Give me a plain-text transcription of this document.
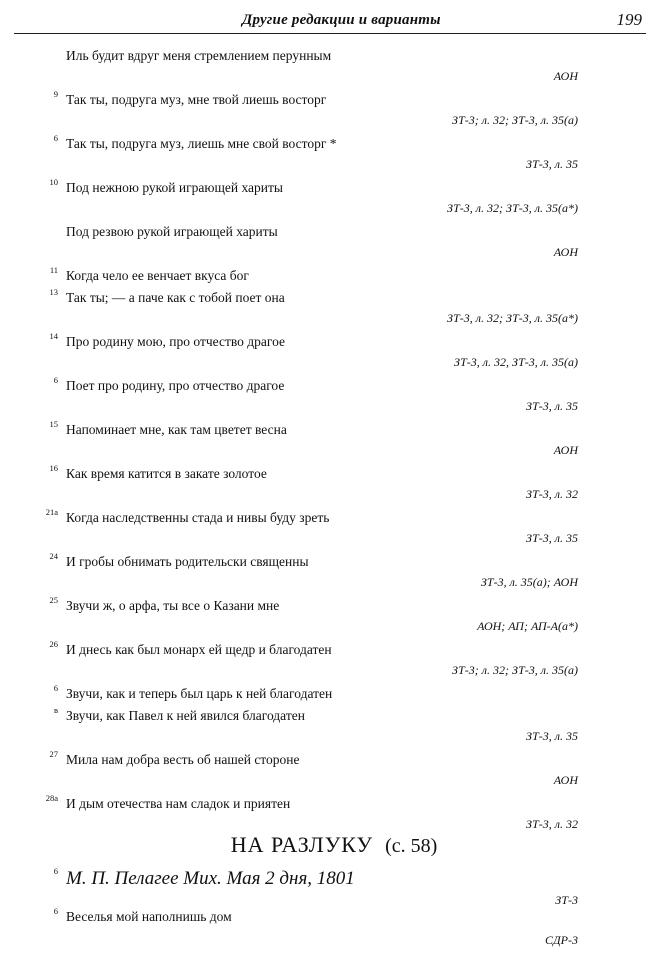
Другие редакции и варианты	199
Иль будит вдруг меня стремлением перунным
АОН
9 Так ты, подруга муз, мне твой лиешь восторг
ЗТ-3; л. 32; ЗТ-3, л. 35(а)
6 Так ты, подруга муз, лиешь мне свой восторг *
ЗТ-3, л. 35
10 Под нежною рукой играющей хариты
ЗТ-3, л. 32; ЗТ-3, л. 35(а*)
Под резвою рукой играющей хариты
АОН
11 Когда чело ее венчает вкуса бог
13 Так ты; — а паче как с тобой поет она
ЗТ-3, л. 32; ЗТ-3, л. 35(а*)
14 Про родину мою, про отчество драгое
ЗТ-3, л. 32, ЗТ-3, л. 35(а)
6 Поет про родину, про отчество драгое
ЗТ-3, л. 35
15 Напоминает мне, как там цветет весна
АОН
16 Как время катится в закате золотое
ЗТ-3, л. 32
21а Когда наследственны стада и нивы буду зреть
ЗТ-3, л. 35
24 И гробы обнимать родительски священны
ЗТ-3, л. 35(а); АОН
25 Звучи ж, о арфа, ты все о Казани мне
АОН; АП; АП-А(а*)
26 И днесь как был монарх ей щедр и благодатен
ЗТ-3; л. 32; ЗТ-3, л. 35(а)
6 Звучи, как и теперь был царь к ней благодатен
в Звучи, как Павел к ней явился благодатен
ЗТ-3, л. 35
27 Мила нам добра весть об нашей стороне
АОН
28а И дым отечества нам сладок и приятен
ЗТ-3, л. 32
НА РАЗЛУКУ (с. 58)
6 М. П. Пелагее Мих. Мая 2 дня, 1801
ЗТ-3
6 Веселья мой наполнишь дом
СДР-3
